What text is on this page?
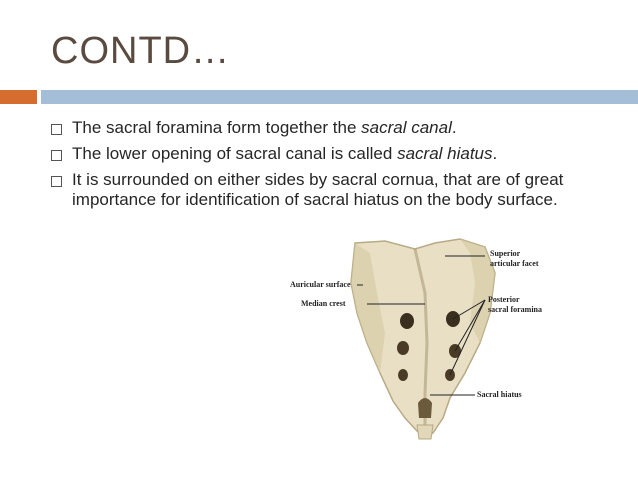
CONTD…
The sacral foramina form together the sacral canal.
The lower opening of sacral canal is called sacral hiatus.
It is surrounded on either sides by sacral cornua, that are of great importance for identification of sacral hiatus on the body surface.
Auricular surface
Median crest
Superior
articular facet
Posterior
sacral foramina
Sacral hiatus
